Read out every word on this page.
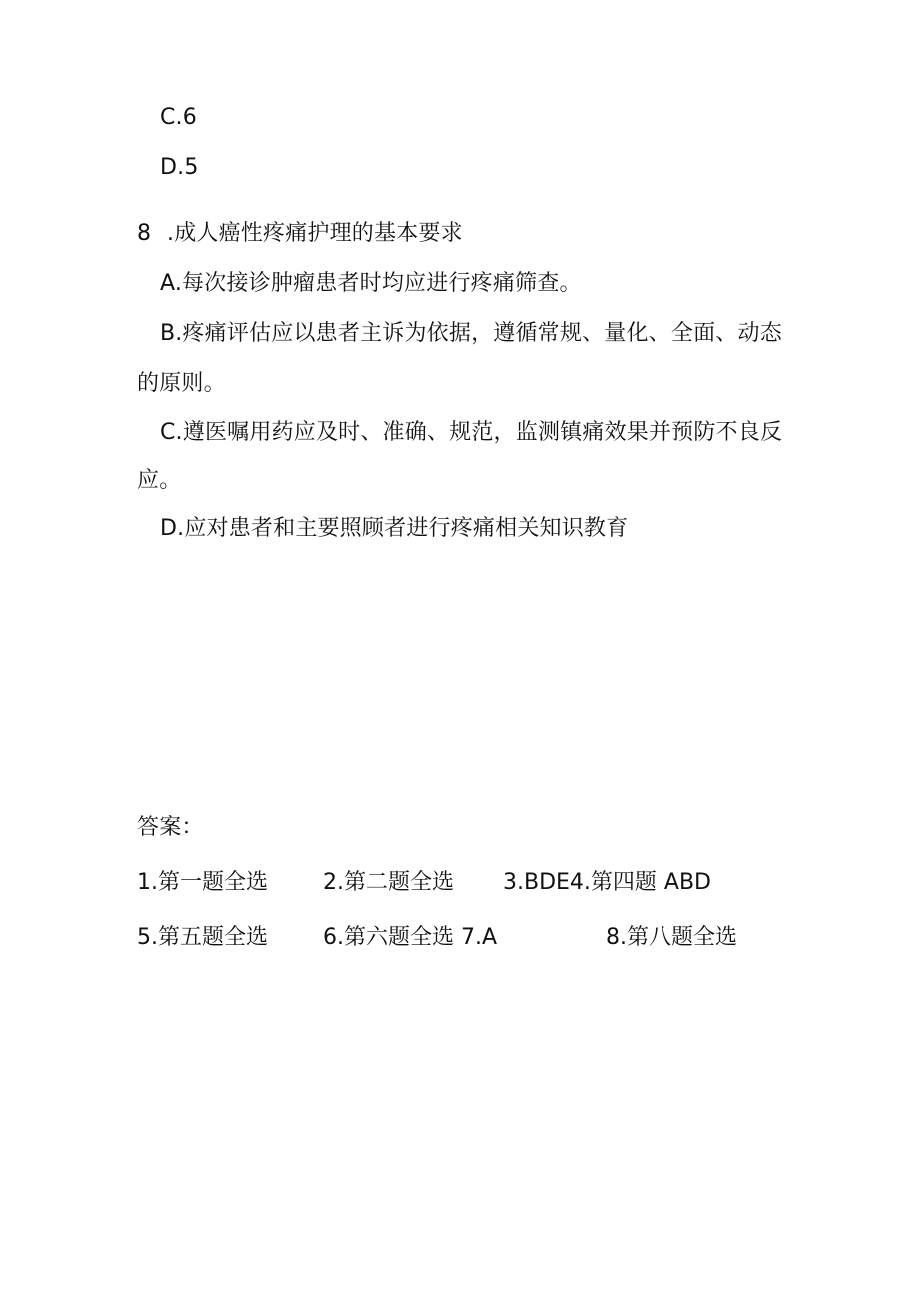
C.6
D.5
8 .成人癌性疼痛护理的基本要求
A.每次接诊肿瘤患者时均应进行疼痛筛查。
B.疼痛评估应以患者主诉为依据，遵循常规、量化、全面、动态
的原则。
C.遵医嘱用药应及时、准确、规范，监测镇痛效果并预防不良反
应。
D.应对患者和主要照顾者进行疼痛相关知识教育
答案：
1.第一题全选	2.第二题全选 3.BDE4.第四题 ABD
5.第五题全选	6.第六题全选 7.A	8.第八题全选
